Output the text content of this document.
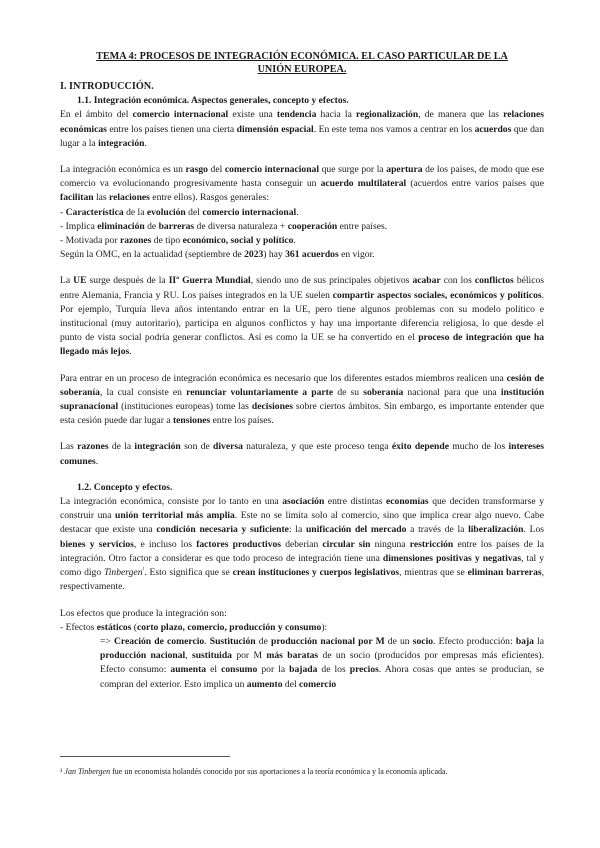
TEMA 4: PROCESOS DE INTEGRACIÓN ECONÓMICA. EL CASO PARTICULAR DE LA
UNIÓN EUROPEA.
I. INTRODUCCIÓN.
1.1. Integración económica. Aspectos generales, concepto y efectos.

En el ámbito del comercio internacional existe una tendencia hacia la regionalización, de manera que las relaciones económicas entre los países tienen una cierta dimensión espacial. En este tema nos vamos a centrar en los acuerdos que dan lugar a la integración.

La integración económica es un rasgo del comercio internacional que surge por la apertura de los países, de modo que ese comercio va evolucionando progresivamente hasta conseguir un acuerdo multilateral (acuerdos entre varios países que facilitan las relaciones entre ellos). Rasgos generales:

- Característica de la evolución del comercio internacional.

- Implica eliminación de barreras de diversa naturaleza + cooperación entre países.

- Motivada por razones de tipo económico, social y político.

Según la OMC, en la actualidad (septiembre de 2023) hay 361 acuerdos en vigor.

La UE surge después de la IIª Guerra Mundial, siendo uno de sus principales objetivos acabar con los conflictos bélicos entre Alemania, Francia y RU. Los países integrados en la UE suelen compartir aspectos sociales, económicos y políticos. Por ejemplo, Turquía lleva años intentando entrar en la UE, pero tiene algunos problemas con su modelo político e institucional (muy autoritario), participa en algunos conflictos y hay una importante diferencia religiosa, lo que desde el punto de vista social podría generar conflictos. Así es como la UE se ha convertido en el proceso de integración que ha llegado más lejos.

Para entrar en un proceso de integración económica es necesario que los diferentes estados miembros realicen una cesión de soberanía, la cual consiste en renunciar voluntariamente a parte de su soberanía nacional para que una institución supranacional (instituciones europeas) tome las decisiones sobre ciertos ámbitos. Sin embargo, es importante entender que esta cesión puede dar lugar a tensiones entre los países.

Las razones de la integración son de diversa naturaleza, y que este proceso tenga éxito depende mucho de los intereses comunes.

1.2. Concepto y efectos.

La integración económica, consiste por lo tanto en una asociación entre distintas economías que deciden transformarse y construir una unión territorial más amplia. Este no se limita solo al comercio, sino que implica crear algo nuevo. Cabe destacar que existe una condición necesaria y suficiente: la unificación del mercado a través de la liberalización. Los bienes y servicios, e incluso los factores productivos deberían circular sin ninguna restricción entre los países de la integración. Otro factor a considerar es que todo proceso de integración tiene una dimensiones positivas y negativas, tal y como digo Tinbergen$^{^1}$. Esto significa que se crean instituciones y cuerpos legislativos, mientras que se eliminan barreras, respectivamente.

Los efectos que produce la integración son:

- Efectos estáticos (corto plazo, comercio, producción y consumo):

=> Creación de comercio. Sustitución de producción nacional por M de un socio. Efecto producción: baja la producción nacional, sustituida por M más baratas de un socio (producidos por empresas más eficientes). Efecto consumo: aumenta el consumo por la bajada de los precios. Ahora cosas que antes se producían, se compran del exterior. Esto implica un aumento del comercio

¹ Jan Tinbergen fue un economista holandés conocido por sus aportaciones a la teoría económica y la economía aplicada.
